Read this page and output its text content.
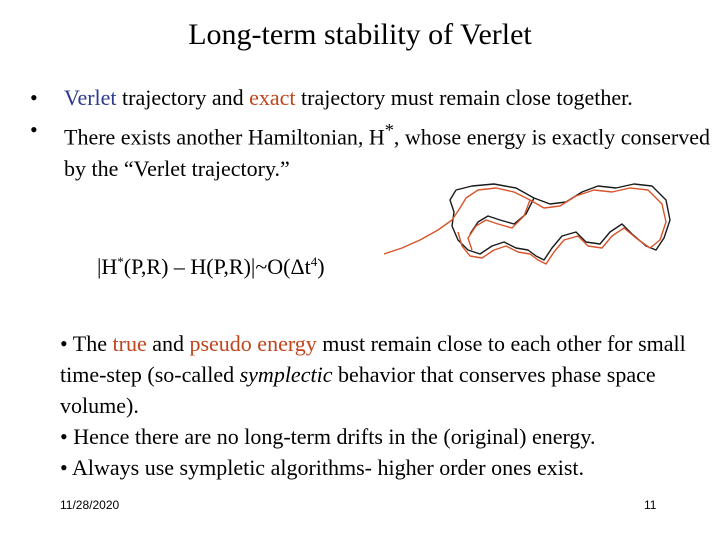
Long-term stability of Verlet
•	Verlet trajectory and exact trajectory must remain close together.
•	There exists another Hamiltonian, H*, whose energy is exactly conserved by the “Verlet trajectory.”
$|H^*(P,R) - H(P,R)|\sim O(\Delta t^4)$

• The true and pseudo energy must remain close to each other for small time-step (so-called symplectic behavior that conserves phase space volume).

• Hence there are no long-term drifts in the (original) energy.

• Always use sympletic algorithms- higher order ones exist.

11/28/2020	11
